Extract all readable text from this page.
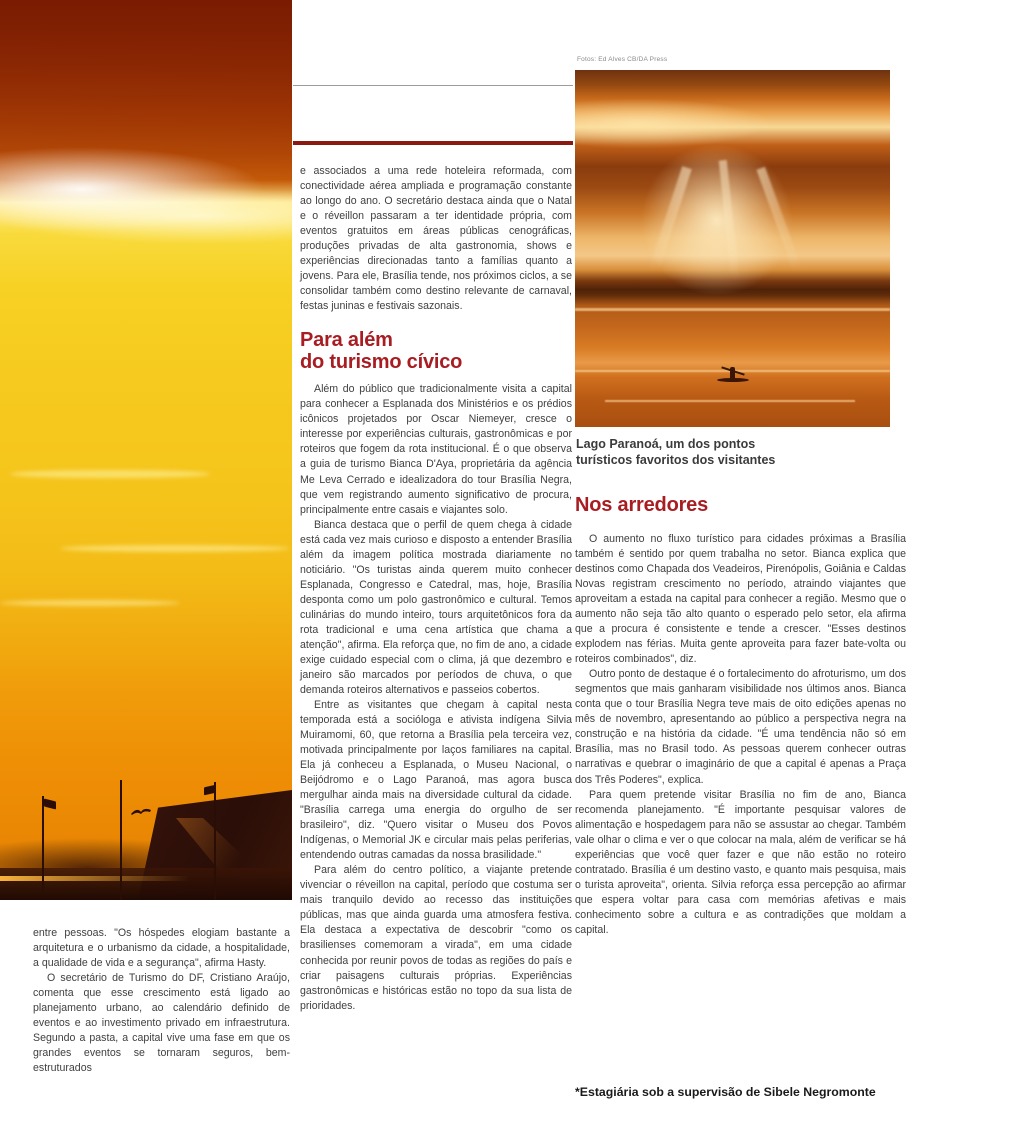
entre pessoas. "Os hóspedes elogiam bastante a arquitetura e o urbanismo da cidade, a hospitalidade, a qualidade de vida e a segurança", afirma Hasty.

O secretário de Turismo do DF, Cristiano Araújo, comenta que esse crescimento está ligado ao planejamento urbano, ao calendário definido de eventos e ao investimento privado em infraestrutura. Segundo a pasta, a capital vive uma fase em que os grandes eventos se tornaram seguros, bem-estruturados

e associados a uma rede hoteleira reformada, com conectividade aérea ampliada e programação constante ao longo do ano. O secretário destaca ainda que o Natal e o réveillon passaram a ter identidade própria, com eventos gratuitos em áreas públicas cenográficas, produções privadas de alta gastronomia, shows e experiências direcionadas tanto a famílias quanto a jovens. Para ele, Brasília tende, nos próximos ciclos, a se consolidar também como destino relevante de carnaval, festas juninas e festivais sazonais.

Para além
do turismo cívico

Além do público que tradicionalmente visita a capital para conhecer a Esplanada dos Ministérios e os prédios icônicos projetados por Oscar Niemeyer, cresce o interesse por experiências culturais, gastronômicas e por roteiros que fogem da rota institucional. É o que observa a guia de turismo Bianca D'Aya, proprietária da agência Me Leva Cerrado e idealizadora do tour Brasília Negra, que vem registrando aumento significativo de procura, principalmente entre casais e viajantes solo.

Bianca destaca que o perfil de quem chega à cidade está cada vez mais curioso e disposto a entender Brasília além da imagem política mostrada diariamente no noticiário. "Os turistas ainda querem muito conhecer Esplanada, Congresso e Catedral, mas, hoje, Brasília desponta como um polo gastronômico e cultural. Temos culinárias do mundo inteiro, tours arquitetônicos fora da rota tradicional e uma cena artística que chama a atenção", afirma. Ela reforça que, no fim de ano, a cidade exige cuidado especial com o clima, já que dezembro e janeiro são marcados por períodos de chuva, o que demanda roteiros alternativos e passeios cobertos.

Entre as visitantes que chegam à capital nesta temporada está a socióloga e ativista indígena Silvia Muiramomi, 60, que retorna a Brasília pela terceira vez, motivada principalmente por laços familiares na capital. Ela já conheceu a Esplanada, o Museu Nacional, o Beijódromo e o Lago Paranoá, mas agora busca mergulhar ainda mais na diversidade cultural da cidade. "Brasília carrega uma energia do orgulho de ser brasileiro", diz. "Quero visitar o Museu dos Povos Indígenas, o Memorial JK e circular mais pelas periferias, entendendo outras camadas da nossa brasilidade."

Para além do centro político, a viajante pretende vivenciar o réveillon na capital, período que costuma ser mais tranquilo devido ao recesso das instituições públicas, mas que ainda guarda uma atmosfera festiva. Ela destaca a expectativa de descobrir "como os brasilienses comemoram a virada", em uma cidade conhecida por reunir povos de todas as regiões do país e criar paisagens culturais próprias. Experiências gastronômicas e históricas estão no topo da sua lista de prioridades.

Fotos: Ed Alves CB/DA Press
Lago Paranoá, um dos pontos turísticos favoritos dos visitantes
Nos arredores

O aumento no fluxo turístico para cidades próximas a Brasília também é sentido por quem trabalha no setor. Bianca explica que destinos como Chapada dos Veadeiros, Pirenópolis, Goiânia e Caldas Novas registram crescimento no período, atraindo viajantes que aproveitam a estada na capital para conhecer a região. Mesmo que o aumento não seja tão alto quanto o esperado pelo setor, ela afirma que a procura é consistente e tende a crescer. "Esses destinos explodem nas férias. Muita gente aproveita para fazer bate-volta ou roteiros combinados", diz.

Outro ponto de destaque é o fortalecimento do afroturismo, um dos segmentos que mais ganharam visibilidade nos últimos anos. Bianca conta que o tour Brasília Negra teve mais de oito edições apenas no mês de novembro, apresentando ao público a perspectiva negra na construção e na história da cidade. "É uma tendência não só em Brasília, mas no Brasil todo. As pessoas querem conhecer outras narrativas e quebrar o imaginário de que a capital é apenas a Praça dos Três Poderes", explica.

Para quem pretende visitar Brasília no fim de ano, Bianca recomenda planejamento. "É importante pesquisar valores de alimentação e hospedagem para não se assustar ao chegar. Também vale olhar o clima e ver o que colocar na mala, além de verificar se há experiências que você quer fazer e que não estão no roteiro contratado. Brasília é um destino vasto, e quanto mais pesquisa, mais o turista aproveita", orienta. Silvia reforça essa percepção ao afirmar que espera voltar para casa com memórias afetivas e mais conhecimento sobre a cultura e as contradições que moldam a capital.

*Estagiária sob a supervisão de Sibele Negromonte
